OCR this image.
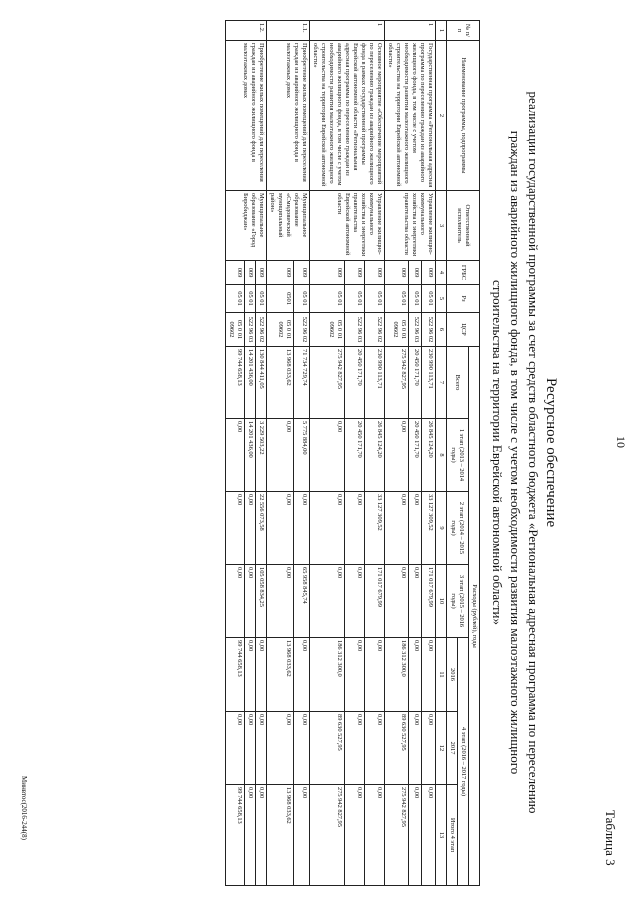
10
Таблица 3
Ресурсное обеспечение
реализации государственной программы за счет средств областного бюджета «Региональная адресная программа по переселению
граждан из аварийного жилищного фонда, в том числе с учетом необходимости развития малоэтажного жилищного
строительства на территории Еврейской автономной области»
№ п/п	Наименование программы, подпрограммы	Ответственный исполнитель	ГРБС	Рз	ЦСР	Расходы (рублей), годы						
						Всего	1 этап (2013 – 2014 годы)	2 этап (2014 – 2015 годы)	3 этап (2015 – 2016 годы)	4 этап (2016 – 2017 годы)		
										2016	2017	Итого 4 этап
1	2	3	4	5	6	7	8	9	10	11	12	13
1	Государственная программа «Региональная адресная программа по переселению граждан из аварийного жилищного фонда, в том числе с учетом необходимости развития малоэтажного жилищного строительства на территории Еврейской автономной области»	Управление жилищно-коммунального хозяйства и энергетики правительства области	009	05 01	522 96 02	230 990 113,71	26 845 124,20	33 127 309,52	171 017 679,99	0,00	0,00	0,00
			009	05 01	522 96 03	20 450 171,70	20 450 171,70	0,00	0,00	0,00	0,00	0,00
			009	05 01	05 0 01 09602	275 942 827,95	0,00	0,00	0,00	186 312 300,0	89 630 527,95	275 942 827,95
1	Основное мероприятие «Обеспечение мероприятий по переселению граждан из аварийного жилищного фонда в рамках государственной программы Еврейской автономной области «Региональная адресная программа по переселению граждан из аварийного жилищного фонда, в том числе с учетом необходимости развития малоэтажного жилищного строительства на территории Еврейской автономной области»	Управление жилищно-коммунального хозяйства и энергетики правительства Еврейской автономной области	009	05 01	522 96 02	230 990 113,71	26 845 124,20	33 127 309,52	171 017 679,99	0,00	0,00	0,00
			009	05 01	522 96 03	20 450 171,70	20 450 171,70	0,00	0,00	0,00	0,00	0,00
			009	05 01	05 0 01 09602	275 942 827,95	0,00	0,00	0,00	186 312 300,0	89 630 527,95	275 942 827,95
1.1.	Приобретение жилых помещений для переселения граждан из аварийного жилищного фонда в малоэтажных домах	Муниципальное образование «Смидовичский муниципальный район»	009	05 01	522 96 02	71 734 729,74	5 775 884,00	0,00	65 958 845,74	0,00	0,00	0,00
			009	0501	05 0 01 09602	13 968 033,62	0,00	0,00	0,00	13 968 033,62	0,00	13 968 033,62
1.2.	Приобретение жилых помещений для переселения граждан из аварийного жилищного фонда в малоэтажных домах	Муниципальное образование «Город Биробиджан»	009	05 01	522 96 02	130 844 411,05	3 229 503,22	22 556 073,58	105 058 834,25	0,00	0,00	0,00
			009	05 01	522 96 03	14 201 436,00	14 201 436,00	0,00	0,00	0,00	0,00	0,00
			009	05 01	05 0 01 09602	99 744 658,13	0,00	0,00	0,00	99 744 658,13	0,00	99 744 658,13
Минвтос(2016-244(8)
